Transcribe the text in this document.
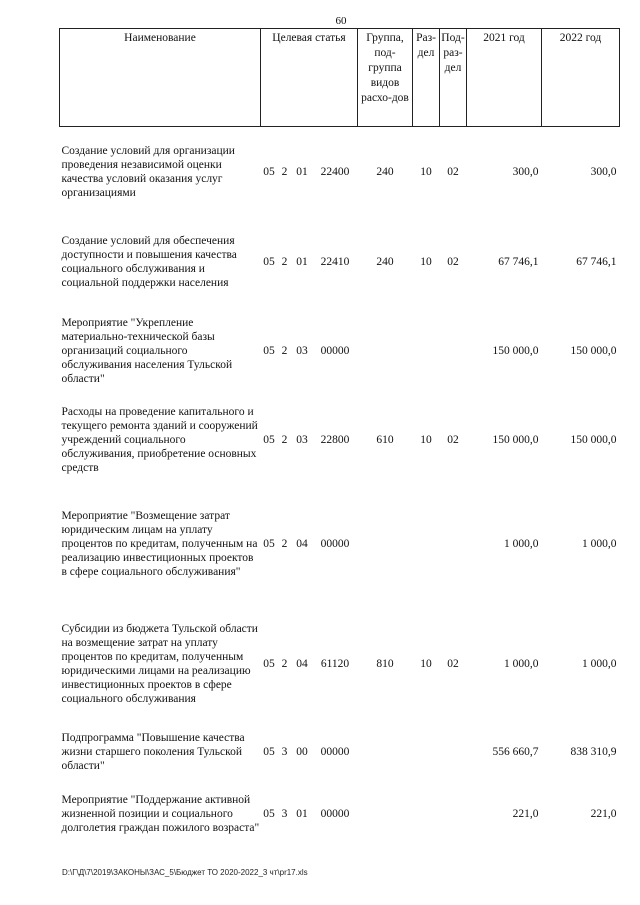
60
Наименование	Целевая статья				Группа, под-группа видов расхо-дов	Раз-дел	Под-раз-дел	2021 год	2022 год
Создание условий для организации проведения независимой оценки качества условий оказания услуг организациями	05	2	01	22400	240	10	02	300,0	300,0
Создание условий для обеспечения доступности и повышения качества социального обслуживания и социальной поддержки населения	05	2	01	22410	240	10	02	67 746,1	67 746,1
Мероприятие "Укрепление материально-технической базы организаций социального обслуживания населения Тульской области"	05	2	03	00000				150 000,0	150 000,0
Расходы на проведение капитального и текущего ремонта зданий и сооружений учреждений социального обслуживания, приобретение основных средств	05	2	03	22800	610	10	02	150 000,0	150 000,0
Мероприятие "Возмещение затрат юридическим лицам на уплату процентов по кредитам, полученным на реализацию инвестиционных проектов в сфере социального обслуживания"	05	2	04	00000				1 000,0	1 000,0
Субсидии из бюджета Тульской области на возмещение затрат на уплату процентов по кредитам, полученным юридическими лицами на реализацию инвестиционных проектов в сфере социального обслуживания	05	2	04	61120	810	10	02	1 000,0	1 000,0
Подпрограмма "Повышение качества жизни старшего поколения Тульской области"	05	3	00	00000				556 660,7	838 310,9
Мероприятие "Поддержание активной жизненной позиции и социального долголетия граждан пожилого возраста"	05	3	01	00000				221,0	221,0
D:\Г\Д\7\2019\ЗАКОНЫ\ЗАС_5\Бюджет ТО 2020-2022_3 чт\pr17.xls
